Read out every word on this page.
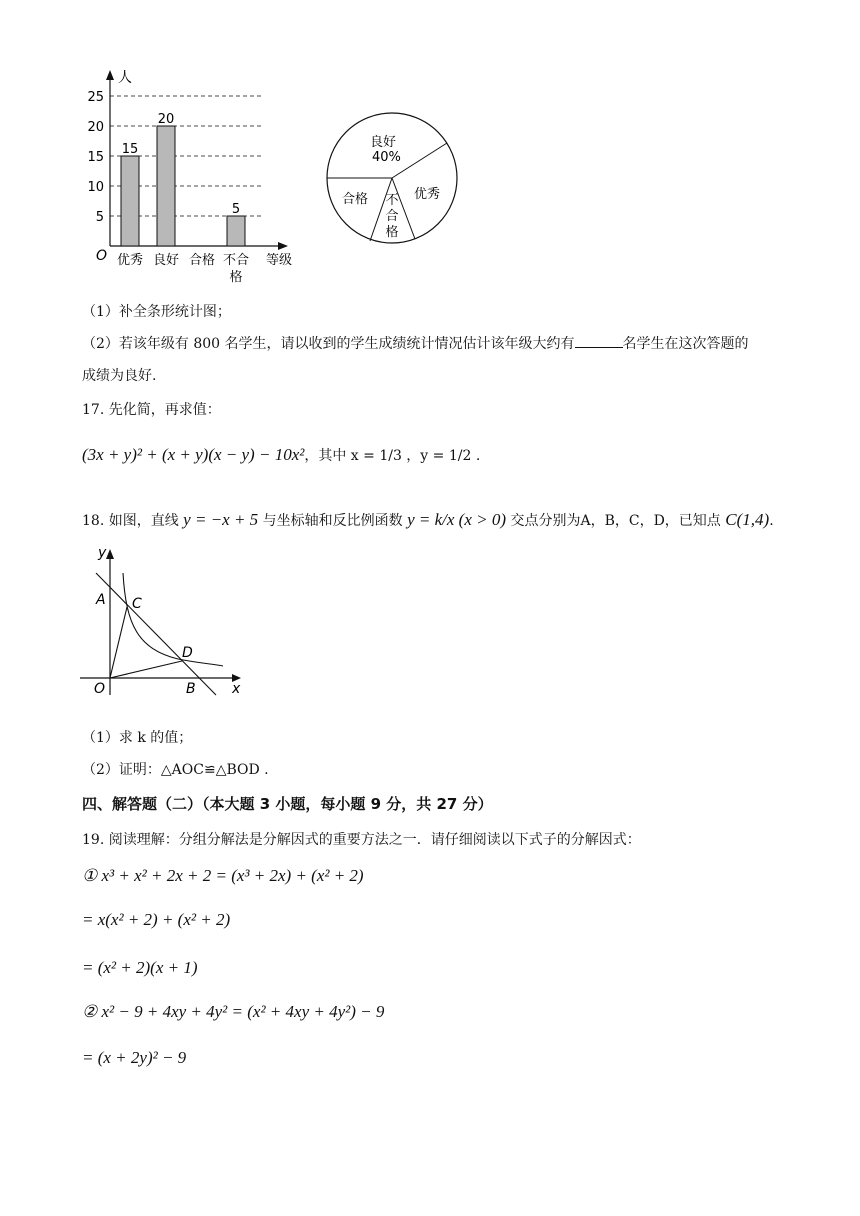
人
O	等级
5
10
15
20
25
15
20
5
优秀 良好 合格 不合格
良好
40%
优秀
合格 不合格
（1）补全条形统计图；
（2）若该年级有 800 名学生，请以收到的学生成绩统计情况估计该年级大约有	名学生在这次答题的
成绩为良好.
17. 先化简，再求值：
(3x + y)² + (x + y)(x − y) − 10x²，其中 x = 1/3 ，y = 1/2 .
18. 如图，直线 y = −x + 5 与坐标轴和反比例函数 y = k/x (x > 0) 交点分别为A，B，C，D，已知点 C(1,4).
y
x
O
A
B
C
D
（1）求 k 的值；
（2）证明：△AOC≌△BOD .
四、解答题（二）（本大题 3 小题，每小题 9 分，共 27 分）
19. 阅读理解：分组分解法是分解因式的重要方法之一．请仔细阅读以下式子的分解因式：
① x³ + x² + 2x + 2 = (x³ + 2x) + (x² + 2)
= x(x² + 2) + (x² + 2)
= (x² + 2)(x + 1)
② x² − 9 + 4xy + 4y² = (x² + 4xy + 4y²) − 9
= (x + 2y)² − 9
